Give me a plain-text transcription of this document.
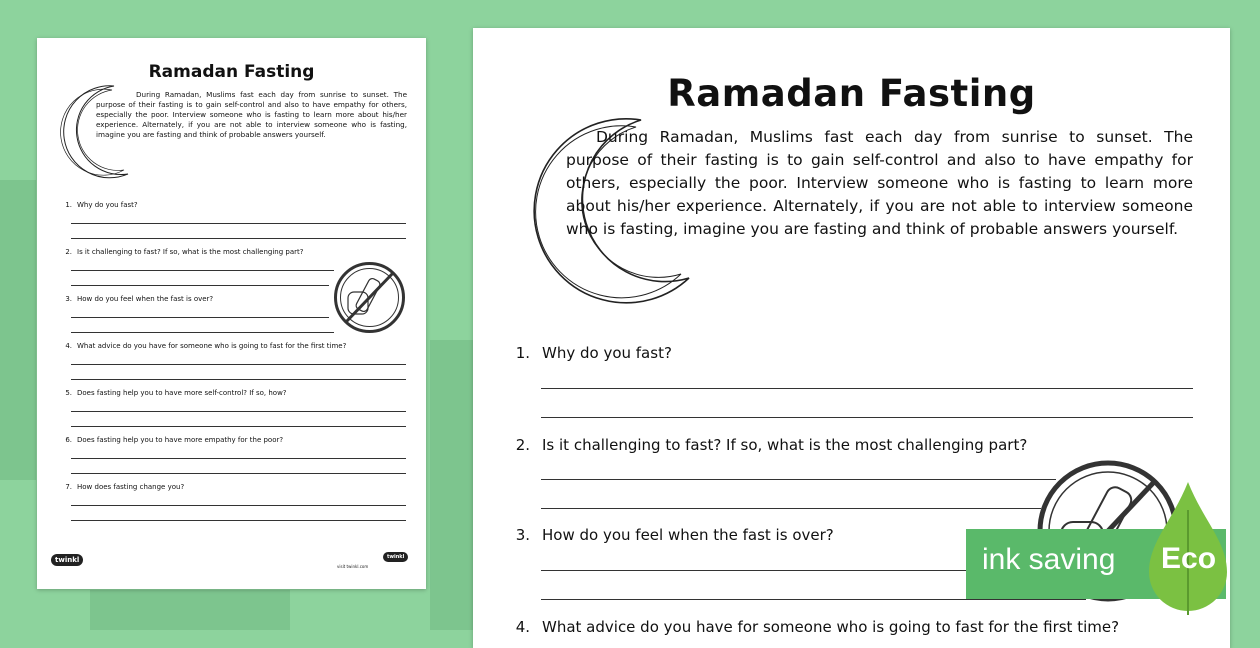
Ramadan Fasting
During Ramadan, Muslims fast each day from sunrise to sunset. The purpose of their fasting is to gain self-control and also to have empathy for others, especially the poor. Interview someone who is fasting to learn more about his/her experience. Alternately, if you are not able to interview someone who is fasting, imagine you are fasting and think of probable answers yourself.
1. Why do you fast?
2. Is it challenging to fast? If so, what is the most challenging part?
3. How do you feel when the fast is over?
4. What advice do you have for someone who is going to fast for the first time?
5. Does fasting help you to have more self-control? If so, how?
6. Does fasting help you to have more empathy for the poor?
7. How does fasting change you?
twinkl
visit twinkl.com
twinkl
Ramadan Fasting
During Ramadan, Muslims fast each day from sunrise to sunset. The purpose of their fasting is to gain self-control and also to have empathy for others, especially the poor. Interview someone who is fasting to learn more about his/her experience. Alternately, if you are not able to interview someone who is fasting, imagine you are fasting and think of probable answers yourself.
1. Why do you fast?
2. Is it challenging to fast? If so, what is the most challenging part?
3. How do you feel when the fast is over?
4. What advice do you have for someone who is going to fast for the first time?
ink saving Eco
